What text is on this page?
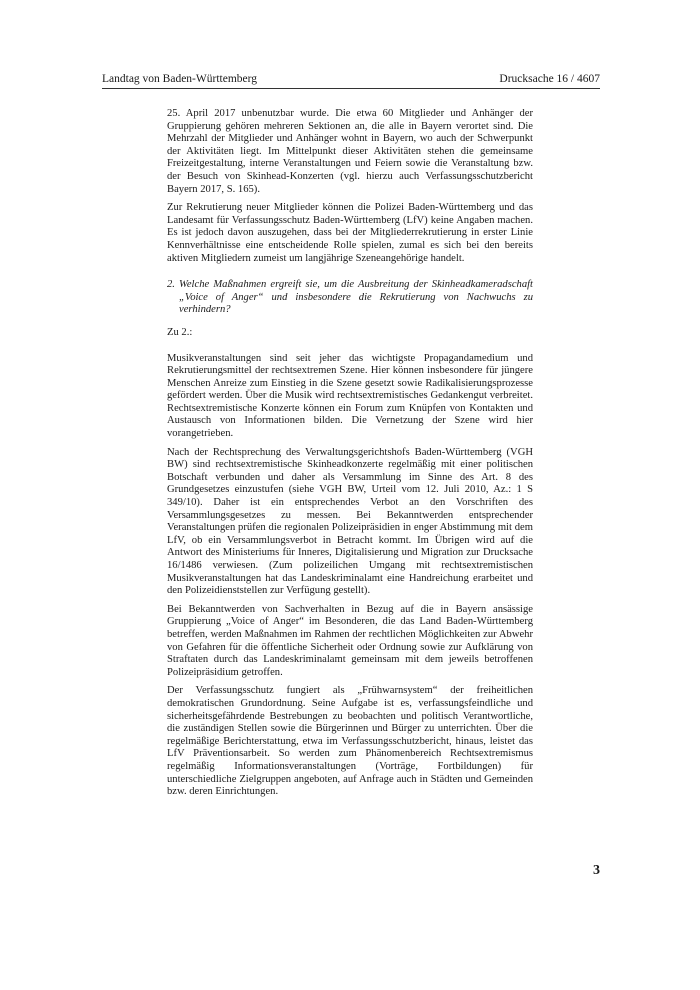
Landtag von Baden-Württemberg	Drucksache 16 / 4607

25. April 2017 unbenutzbar wurde. Die etwa 60 Mitglieder und Anhänger der Gruppierung gehören mehreren Sektionen an, die alle in Bayern verortet sind. Die Mehrzahl der Mitglieder und Anhänger wohnt in Bayern, wo auch der Schwerpunkt der Aktivitäten liegt. Im Mittelpunkt dieser Aktivitäten stehen die gemeinsame Freizeitgestaltung, interne Veranstaltungen und Feiern sowie die Veranstaltung bzw. der Besuch von Skinhead-Konzerten (vgl. hierzu auch Verfassungsschutzbericht Bayern 2017, S. 165).

Zur Rekrutierung neuer Mitglieder können die Polizei Baden-Württemberg und das Landesamt für Verfassungsschutz Baden-Württemberg (LfV) keine Angaben machen. Es ist jedoch davon auszugehen, dass bei der Mitgliederrekrutierung in erster Linie Kennverhältnisse eine entscheidende Rolle spielen, zumal es sich bei den bereits aktiven Mitgliedern zumeist um langjährige Szeneangehörige handelt.

2. Welche Maßnahmen ergreift sie, um die Ausbreitung der Skinheadkameradschaft „Voice of Anger“ und insbesondere die Rekrutierung von Nachwuchs zu verhindern?

Zu 2.:

Musikveranstaltungen sind seit jeher das wichtigste Propagandamedium und Rekrutierungsmittel der rechtsextremen Szene. Hier können insbesondere für jüngere Menschen Anreize zum Einstieg in die Szene gesetzt sowie Radikalisierungsprozesse gefördert werden. Über die Musik wird rechtsextremistisches Gedankengut verbreitet. Rechtsextremistische Konzerte können ein Forum zum Knüpfen von Kontakten und Austausch von Informationen bilden. Die Vernetzung der Szene wird hier vorangetrieben.

Nach der Rechtsprechung des Verwaltungsgerichtshofs Baden-Württemberg (VGH BW) sind rechtsextremistische Skinheadkonzerte regelmäßig mit einer politischen Botschaft verbunden und daher als Versammlung im Sinne des Art. 8 des Grundgesetzes einzustufen (siehe VGH BW, Urteil vom 12. Juli 2010, Az.: 1 S 349/10). Daher ist ein entsprechendes Verbot an den Vorschriften des Versammlungsgesetzes zu messen. Bei Bekanntwerden entsprechender Veranstaltungen prüfen die regionalen Polizeipräsidien in enger Abstimmung mit dem LfV, ob ein Versammlungsverbot in Betracht kommt. Im Übrigen wird auf die Antwort des Ministeriums für Inneres, Digitalisierung und Migration zur Drucksache 16/1486 verwiesen. (Zum polizeilichen Umgang mit rechtsextremistischen Musikveranstaltungen hat das Landeskriminalamt eine Handreichung erarbeitet und den Polizeidienststellen zur Verfügung gestellt).

Bei Bekanntwerden von Sachverhalten in Bezug auf die in Bayern ansässige Gruppierung „Voice of Anger“ im Besonderen, die das Land Baden-Württemberg betreffen, werden Maßnahmen im Rahmen der rechtlichen Möglichkeiten zur Abwehr von Gefahren für die öffentliche Sicherheit oder Ordnung sowie zur Aufklärung von Straftaten durch das Landeskriminalamt gemeinsam mit dem jeweils betroffenen Polizeipräsidium getroffen.

Der Verfassungsschutz fungiert als „Frühwarnsystem“ der freiheitlichen demokratischen Grundordnung. Seine Aufgabe ist es, verfassungsfeindliche und sicherheitsgefährdende Bestrebungen zu beobachten und politisch Verantwortliche, die zuständigen Stellen sowie die Bürgerinnen und Bürger zu unterrichten. Über die regelmäßige Berichterstattung, etwa im Verfassungsschutzbericht, hinaus, leistet das LfV Präventionsarbeit. So werden zum Phänomenbereich Rechtsextremismus regelmäßig Informationsveranstaltungen (Vorträge, Fortbildungen) für unterschiedliche Zielgruppen angeboten, auf Anfrage auch in Städten und Gemeinden bzw. deren Einrichtungen.

3
